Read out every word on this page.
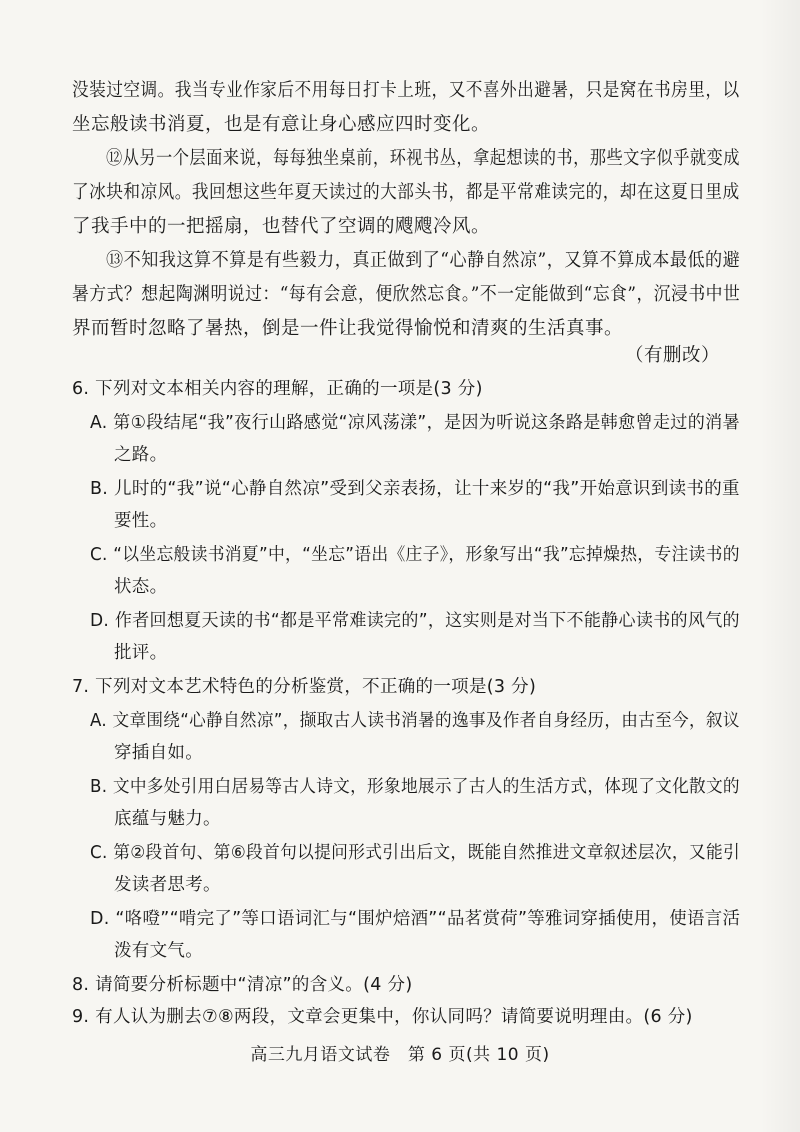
没装过空调。我当专业作家后不用每日打卡上班，又不喜外出避暑，只是窝在书房里，以
坐忘般读书消夏，也是有意让身心感应四时变化。
⑫从另一个层面来说，每每独坐桌前，环视书丛，拿起想读的书，那些文字似乎就变成
了冰块和凉风。我回想这些年夏天读过的大部头书，都是平常难读完的，却在这夏日里成
了我手中的一把摇扇，也替代了空调的飕飕冷风。
⑬不知我这算不算是有些毅力，真正做到了“心静自然凉”，又算不算成本最低的避
暑方式？想起陶渊明说过：“每有会意，便欣然忘食。”不一定能做到“忘食”，沉浸书中世
界而暂时忽略了暑热，倒是一件让我觉得愉悦和清爽的生活真事。
（有删改）
6. 下列对文本相关内容的理解，正确的一项是(3 分)
A. 第①段结尾“我”夜行山路感觉“凉风荡漾”，是因为听说这条路是韩愈曾走过的消暑
之路。
B. 儿时的“我”说“心静自然凉”受到父亲表扬，让十来岁的“我”开始意识到读书的重
要性。
C. “以坐忘般读书消夏”中，“坐忘”语出《庄子》，形象写出“我”忘掉燥热，专注读书的
状态。
D. 作者回想夏天读的书“都是平常难读完的”，这实则是对当下不能静心读书的风气的
批评。
7. 下列对文本艺术特色的分析鉴赏，不正确的一项是(3 分)
A. 文章围绕“心静自然凉”，撷取古人读书消暑的逸事及作者自身经历，由古至今，叙议
穿插自如。
B. 文中多处引用白居易等古人诗文，形象地展示了古人的生活方式，体现了文化散文的
底蕴与魅力。
C. 第②段首句、第⑥段首句以提问形式引出后文，既能自然推进文章叙述层次，又能引
发读者思考。
D. “咯噔”“啃完了”等口语词汇与“围炉焙酒”“品茗赏荷”等雅词穿插使用，使语言活
泼有文气。
8. 请简要分析标题中“清凉”的含义。(4 分)
9. 有人认为删去⑦⑧两段，文章会更集中，你认同吗？请简要说明理由。(6 分)
高三九月语文试卷　第 6 页(共 10 页)
